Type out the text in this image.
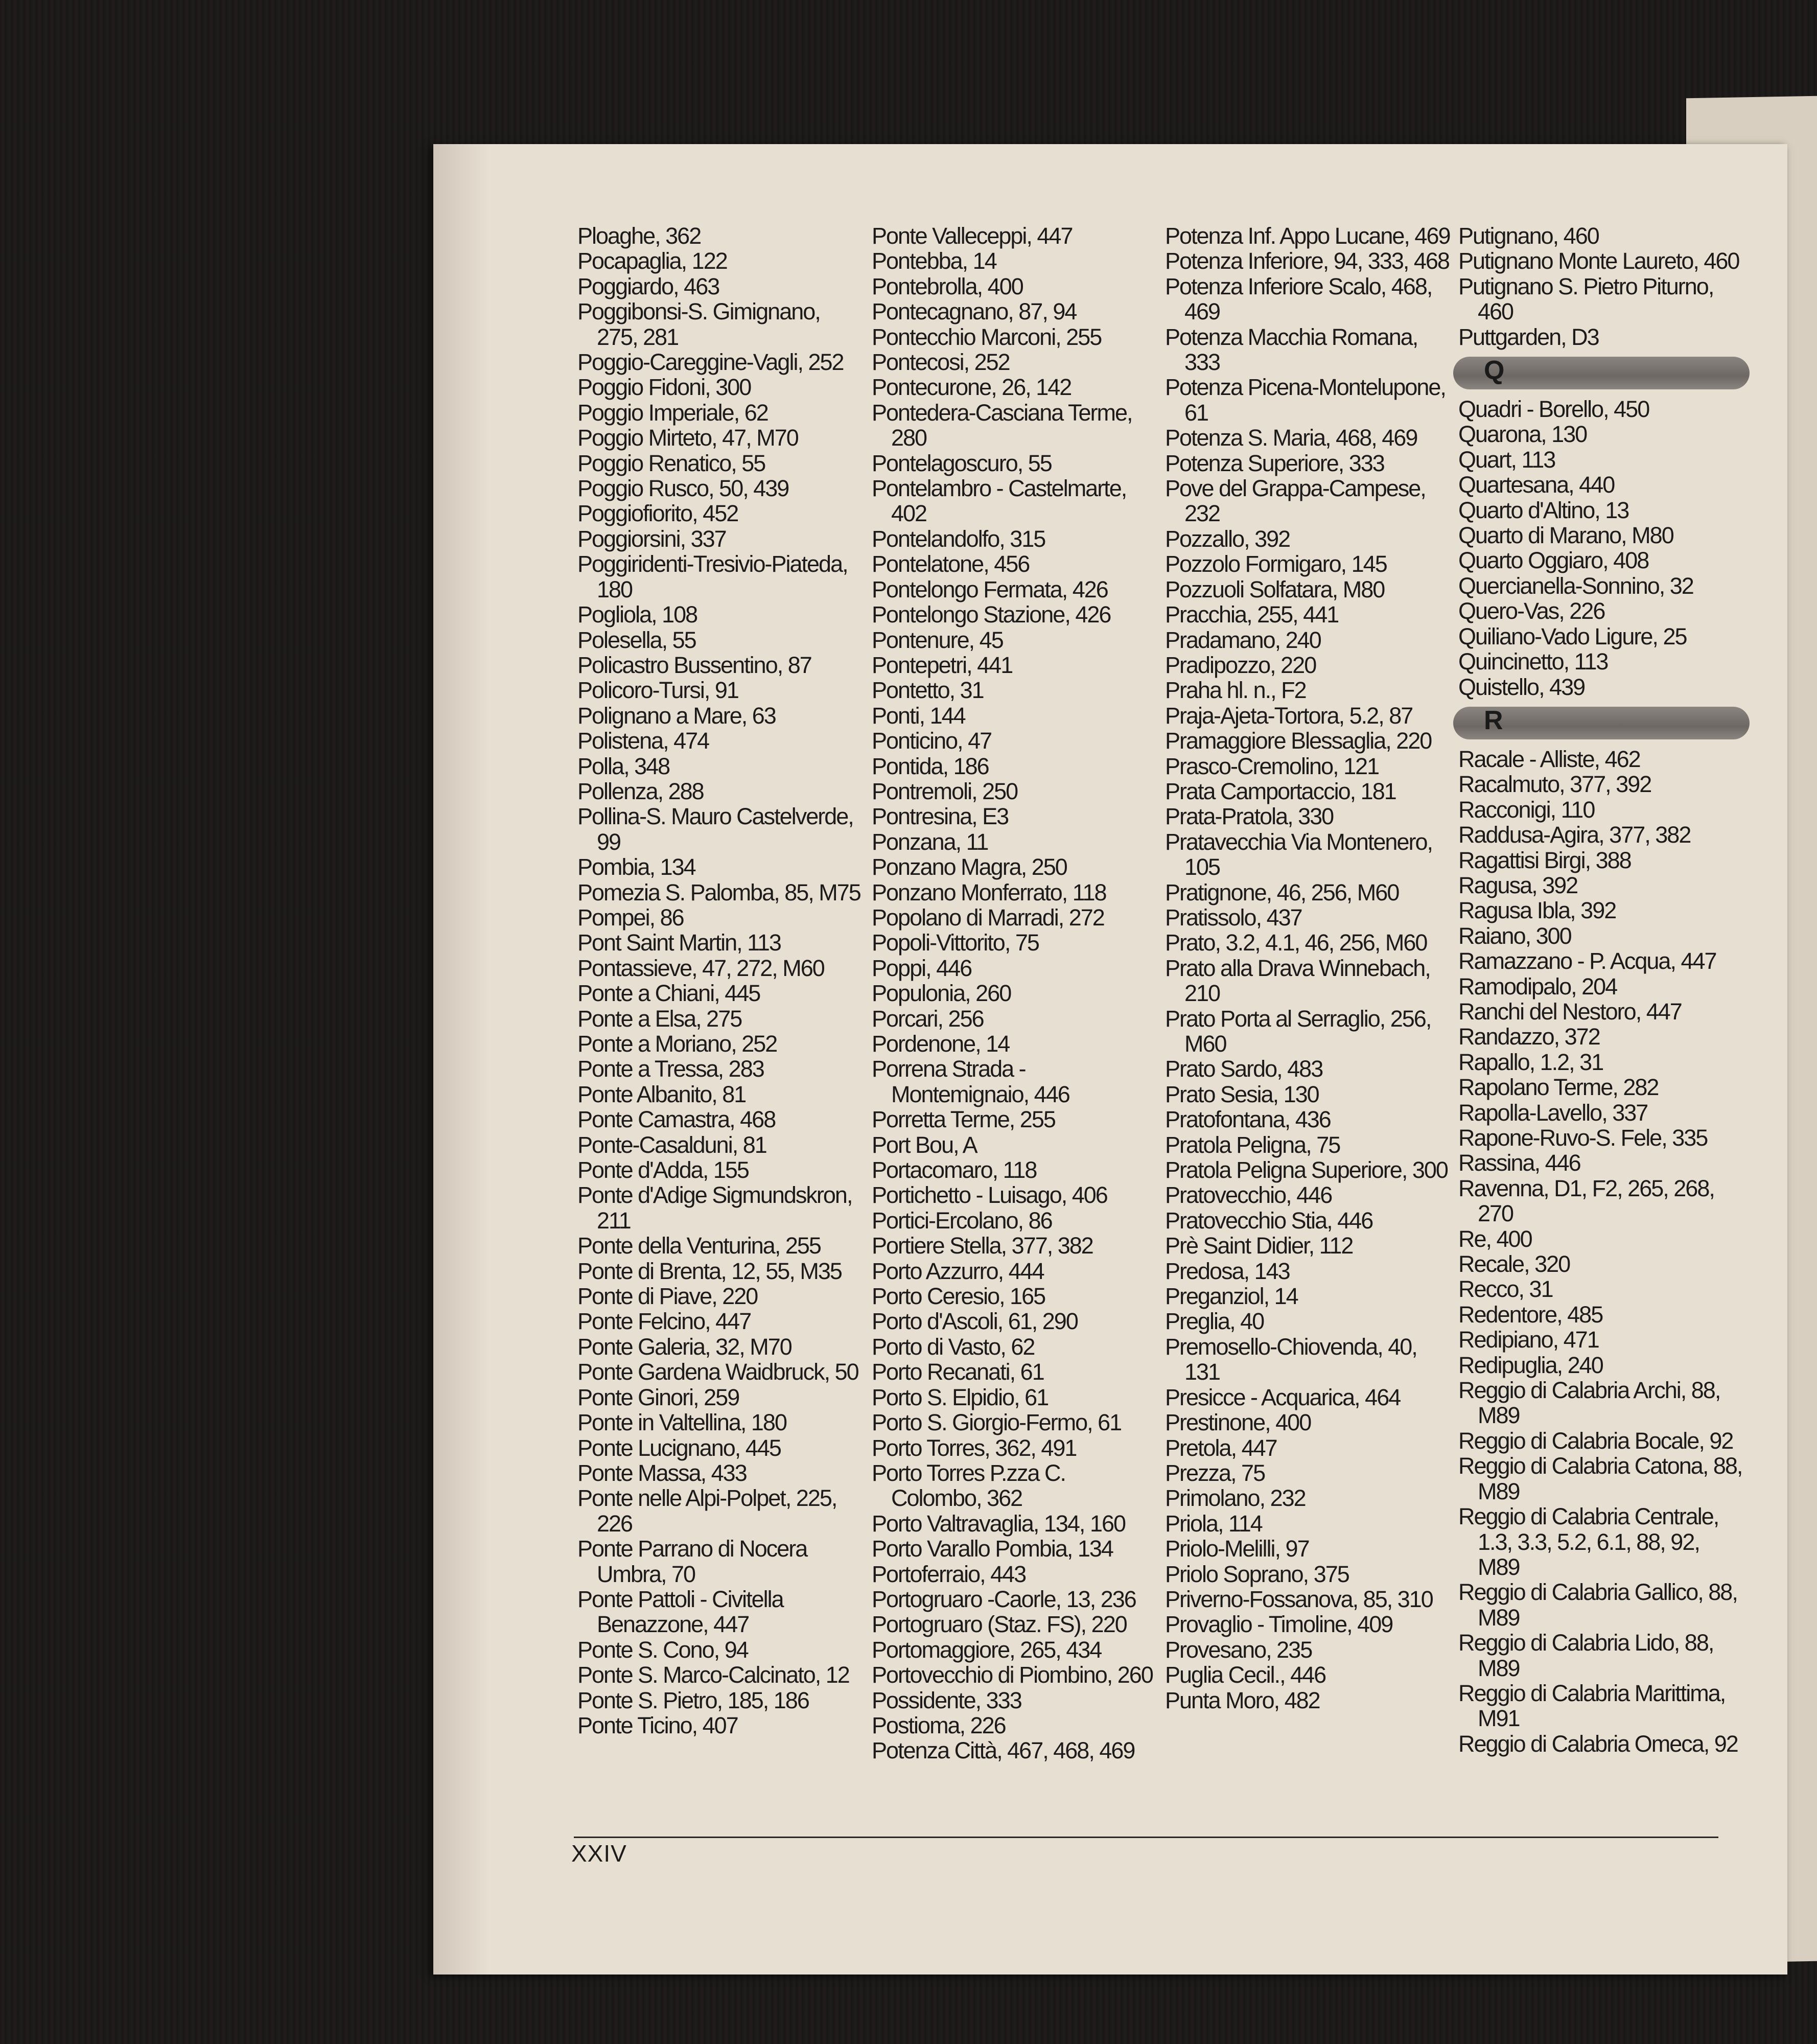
Ploaghe, 362
Pocapaglia, 122
Poggiardo, 463
Poggibonsi-S. Gimignano, 275, 281
Poggio-Careggine-Vagli, 252
Poggio Fidoni, 300
Poggio Imperiale, 62
Poggio Mirteto, 47, M70
Poggio Renatico, 55
Poggio Rusco, 50, 439
Poggiofiorito, 452
Poggiorsini, 337
Poggiridenti-Tresivio-Piateda, 180
Pogliola, 108
Polesella, 55
Policastro Bussentino, 87
Policoro-Tursi, 91
Polignano a Mare, 63
Polistena, 474
Polla, 348
Pollenza, 288
Pollina-S. Mauro Castelverde, 99
Pombia, 134
Pomezia S. Palomba, 85, M75
Pompei, 86
Pont Saint Martin, 113
Pontassieve, 47, 272, M60
Ponte a Chiani, 445
Ponte a Elsa, 275
Ponte a Moriano, 252
Ponte a Tressa, 283
Ponte Albanito, 81
Ponte Camastra, 468
Ponte-Casalduni, 81
Ponte d'Adda, 155
Ponte d'Adige Sigmundskron, 211
Ponte della Venturina, 255
Ponte di Brenta, 12, 55, M35
Ponte di Piave, 220
Ponte Felcino, 447
Ponte Galeria, 32, M70
Ponte Gardena Waidbruck, 50
Ponte Ginori, 259
Ponte in Valtellina, 180
Ponte Lucignano, 445
Ponte Massa, 433
Ponte nelle Alpi-Polpet, 225, 226
Ponte Parrano di Nocera Umbra, 70
Ponte Pattoli - Civitella Benazzone, 447
Ponte S. Cono, 94
Ponte S. Marco-Calcinato, 12
Ponte S. Pietro, 185, 186
Ponte Ticino, 407
Ponte Valleceppi, 447
Pontebba, 14
Pontebrolla, 400
Pontecagnano, 87, 94
Pontecchio Marconi, 255
Pontecosi, 252
Pontecurone, 26, 142
Pontedera-Casciana Terme, 280
Pontelagoscuro, 55
Pontelambro - Castelmarte, 402
Pontelandolfo, 315
Pontelatone, 456
Pontelongo Fermata, 426
Pontelongo Stazione, 426
Pontenure, 45
Pontepetri, 441
Pontetto, 31
Ponti, 144
Ponticino, 47
Pontida, 186
Pontremoli, 250
Pontresina, E3
Ponzana, 11
Ponzano Magra, 250
Ponzano Monferrato, 118
Popolano di Marradi, 272
Popoli-Vittorito, 75
Poppi, 446
Populonia, 260
Porcari, 256
Pordenone, 14
Porrena Strada - Montemignaio, 446
Porretta Terme, 255
Port Bou, A
Portacomaro, 118
Portichetto - Luisago, 406
Portici-Ercolano, 86
Portiere Stella, 377, 382
Porto Azzurro, 444
Porto Ceresio, 165
Porto d'Ascoli, 61, 290
Porto di Vasto, 62
Porto Recanati, 61
Porto S. Elpidio, 61
Porto S. Giorgio-Fermo, 61
Porto Torres, 362, 491
Porto Torres P.zza C. Colombo, 362
Porto Valtravaglia, 134, 160
Porto Varallo Pombia, 134
Portoferraio, 443
Portogruaro -Caorle, 13, 236
Portogruaro (Staz. FS), 220
Portomaggiore, 265, 434
Portovecchio di Piombino, 260
Possidente, 333
Postioma, 226
Potenza Città, 467, 468, 469
Potenza Inf. Appo Lucane, 469
Potenza Inferiore, 94, 333, 468
Potenza Inferiore Scalo, 468, 469
Potenza Macchia Romana, 333
Potenza Picena-Montelupone, 61
Potenza S. Maria, 468, 469
Potenza Superiore, 333
Pove del Grappa-Campese, 232
Pozzallo, 392
Pozzolo Formigaro, 145
Pozzuoli Solfatara, M80
Pracchia, 255, 441
Pradamano, 240
Pradipozzo, 220
Praha hl. n., F2
Praja-Ajeta-Tortora, 5.2, 87
Pramaggiore Blessaglia, 220
Prasco-Cremolino, 121
Prata Camportaccio, 181
Prata-Pratola, 330
Pratavecchia Via Montenero, 105
Pratignone, 46, 256, M60
Pratissolo, 437
Prato, 3.2, 4.1, 46, 256, M60
Prato alla Drava Winnebach, 210
Prato Porta al Serraglio, 256, M60
Prato Sardo, 483
Prato Sesia, 130
Pratofontana, 436
Pratola Peligna, 75
Pratola Peligna Superiore, 300
Pratovecchio, 446
Pratovecchio Stia, 446
Prè Saint Didier, 112
Predosa, 143
Preganziol, 14
Preglia, 40
Premosello-Chiovenda, 40, 131
Presicce - Acquarica, 464
Prestinone, 400
Pretola, 447
Prezza, 75
Primolano, 232
Priola, 114
Priolo-Melilli, 97
Priolo Soprano, 375
Priverno-Fossanova, 85, 310
Provaglio - Timoline, 409
Provesano, 235
Puglia Cecil., 446
Punta Moro, 482
Putignano, 460
Putignano Monte Laureto, 460
Putignano S. Pietro Piturno, 460
Puttgarden, D3
Q
Quadri - Borello, 450
Quarona, 130
Quart, 113
Quartesana, 440
Quarto d'Altino, 13
Quarto di Marano, M80
Quarto Oggiaro, 408
Quercianella-Sonnino, 32
Quero-Vas, 226
Quiliano-Vado Ligure, 25
Quincinetto, 113
Quistello, 439
R
Racale - Alliste, 462
Racalmuto, 377, 392
Racconigi, 110
Raddusa-Agira, 377, 382
Ragattisi Birgi, 388
Ragusa, 392
Ragusa Ibla, 392
Raiano, 300
Ramazzano - P. Acqua, 447
Ramodipalo, 204
Ranchi del Nestoro, 447
Randazzo, 372
Rapallo, 1.2, 31
Rapolano Terme, 282
Rapolla-Lavello, 337
Rapone-Ruvo-S. Fele, 335
Rassina, 446
Ravenna, D1, F2, 265, 268, 270
Re, 400
Recale, 320
Recco, 31
Redentore, 485
Redipiano, 471
Redipuglia, 240
Reggio di Calabria Archi, 88, M89
Reggio di Calabria Bocale, 92
Reggio di Calabria Catona, 88, M89
Reggio di Calabria Centrale, 1.3, 3.3, 5.2, 6.1, 88, 92, M89
Reggio di Calabria Gallico, 88, M89
Reggio di Calabria Lido, 88, M89
Reggio di Calabria Marittima, M91
Reggio di Calabria Omeca, 92
XXIV
